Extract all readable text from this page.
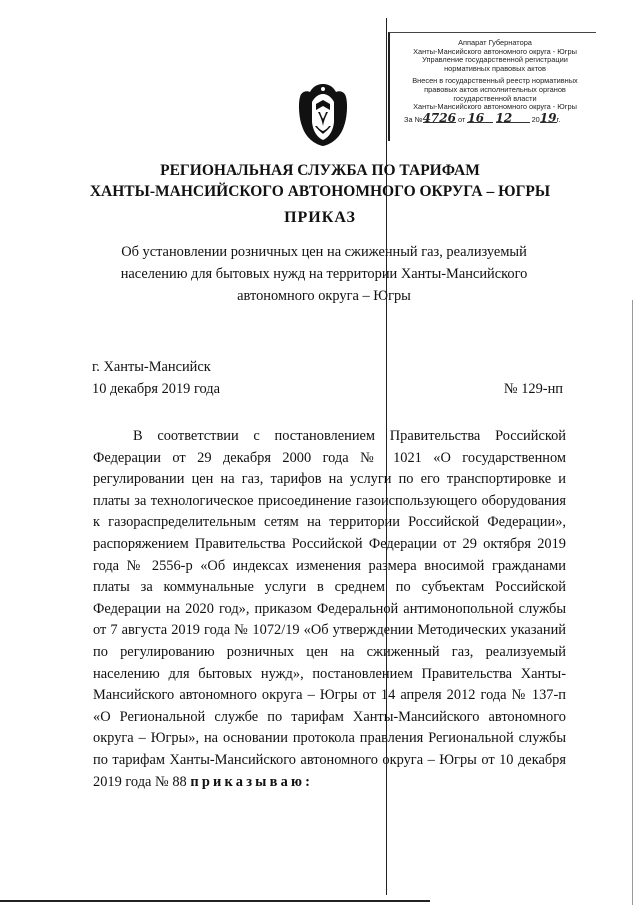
Аппарат Губернатора
Ханты-Мансийского автономного округа - Югры
Управление государственной регистрации
нормативных правовых актов
Внесен в государственный реестр нормативных
правовых актов исполнительных органов
государственной власти
Ханты-Мансийского автономного округа - Югры
За №4726 от 16 12	2019г.
РЕГИОНАЛЬНАЯ СЛУЖБА ПО ТАРИФАМ
ХАНТЫ-МАНСИЙСКОГО АВТОНОМНОГО ОКРУГА – ЮГРЫ
ПРИКАЗ
Об установлении розничных цен на сжиженный газ, реализуемый населению для бытовых нужд на территории Ханты-Мансийского автономного округа – Югры
г. Ханты-Мансийск
10 декабря 2019 года	№ 129-нп
В соответствии с постановлением Правительства Российской Федерации от 29 декабря 2000 года № 1021 «О государственном регулировании цен на газ, тарифов на услуги по его транспортировке и платы за технологическое присоединение газоиспользующего оборудования к газораспределительным сетям на территории Российской Федерации», распоряжением Правительства Российской Федерации от 29 октября 2019 года № 2556-р «Об индексах изменения размера вносимой гражданами платы за коммунальные услуги в среднем по субъектам Российской Федерации на 2020 год», приказом Федеральной антимонопольной службы от 7 августа 2019 года № 1072/19 «Об утверждении Методических указаний по регулированию розничных цен на сжиженный газ, реализуемый населению для бытовых нужд», постановлением Правительства Ханты-Мансийского автономного округа – Югры от 14 апреля 2012 года № 137-п «О Региональной службе по тарифам Ханты-Мансийского автономного округа – Югры», на основании протокола правления Региональной службы по тарифам Ханты-Мансийского автономного округа – Югры от 10 декабря 2019 года № 88 приказываю:
